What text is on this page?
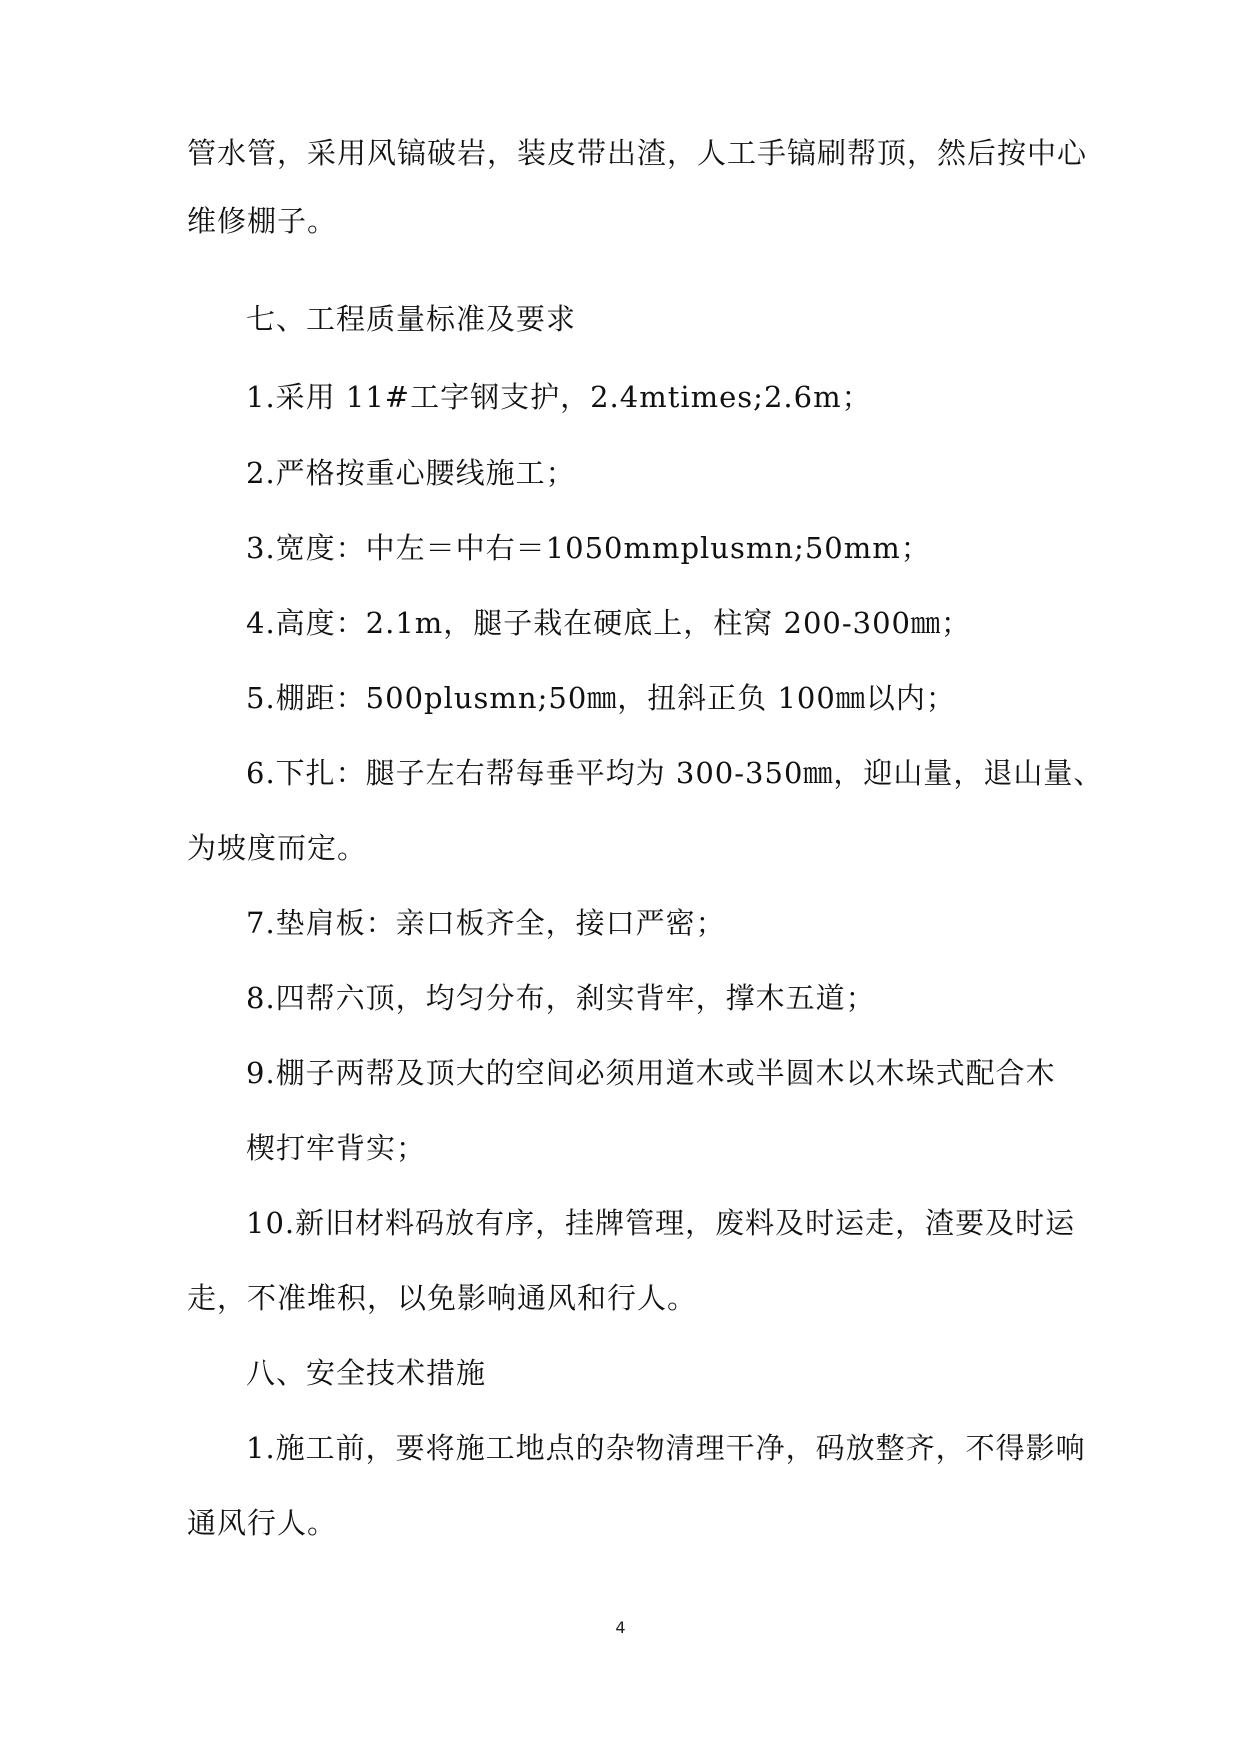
管水管，采用风镐破岩，装皮带出渣，人工手镐刷帮顶，然后按中心
维修棚子。
七、工程质量标准及要求
1.采用 11#工字钢支护，2.4mtimes;2.6m；
2.严格按重心腰线施工；
3.宽度：中左＝中右＝1050mmplusmn;50mm；
4.高度：2.1m，腿子栽在硬底上，柱窝 200-300㎜；
5.棚距：500plusmn;50㎜，扭斜正负 100㎜以内；
6.下扎：腿子左右帮每垂平均为 300-350㎜，迎山量，退山量、
为坡度而定。
7.垫肩板：亲口板齐全，接口严密；
8.四帮六顶，均匀分布，刹实背牢，撑木五道；
9.棚子两帮及顶大的空间必须用道木或半圆木以木垛式配合木
楔打牢背实；
10.新旧材料码放有序，挂牌管理，废料及时运走，渣要及时运
走，不准堆积，以免影响通风和行人。
八、安全技术措施
1.施工前，要将施工地点的杂物清理干净，码放整齐，不得影响
通风行人。
4
